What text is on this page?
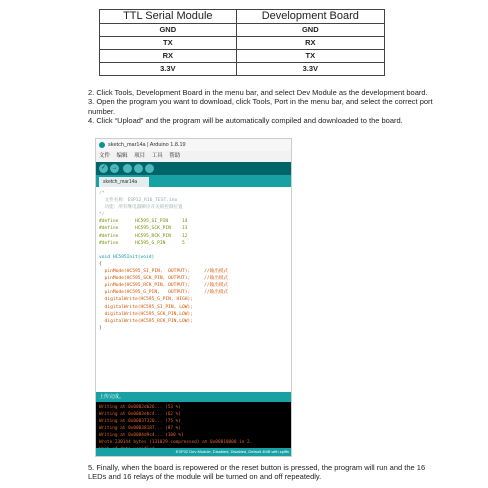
TTL Serial Module	Development Board
GND	GND
TX	RX
RX	TX
3.3V	3.3V

2. Click Tools, Development Board in the menu bar, and select Dev Module as the development board.

3. Open the program you want to download, click Tools, Port in the menu bar, and select the correct port number.

4. Click “Upload” and the program will be automatically compiled and downloaded to the board.

sketch_mar14a | Arduino 1.8.19
文件 编辑 项目 工具 帮助
✓ →
sketch_mar14a
/*
文件名称：ESP32_R16_TEST.ino
功能：所有继电器顺序开关锁控制位置
*/
#define      HC595_SI_PIN     14
#define      HC595_SCK_PIN    13
#define      HC595_RCK_PIN    12
#define      HC595_G_PIN      5

void HC595Init(void)
{
pinMode(HC595_SI_PIN,  OUTPUT);     //输出模式
pinMode(HC595_SCK_PIN, OUTPUT);     //输出模式
pinMode(HC595_RCK_PIN, OUTPUT);     //输出模式
pinMode(HC595_G_PIN,   OUTPUT);     //输出模式
digitalWrite(HC595_G_PIN, HIGH);
digitalWrite(HC595_SI_PIN, LOW);
digitalWrite(HC595_SCK_PIN,LOW);
digitalWrite(HC595_RCK_PIN,LOW);
}
上传完成。
Writing at 0x0002db26... (53 %)
Writing at 0x0003ebc4... (62 %)
Writing at 0x00037320... (75 %)
Writing at 0x00038187... (87 %)
Writing at 0x0004d9c4... (100 %)
Wrote 230144 bytes (131029 compressed) at 0x00010000 in 2.

ESP32 Dev Module, Disabled, Disabled, Default 4MB with spiffs

5. Finally, when the board is repowered or the reset button is pressed, the program will run and the 16 LEDs and 16 relays of the module will be turned on and off repeatedly.
